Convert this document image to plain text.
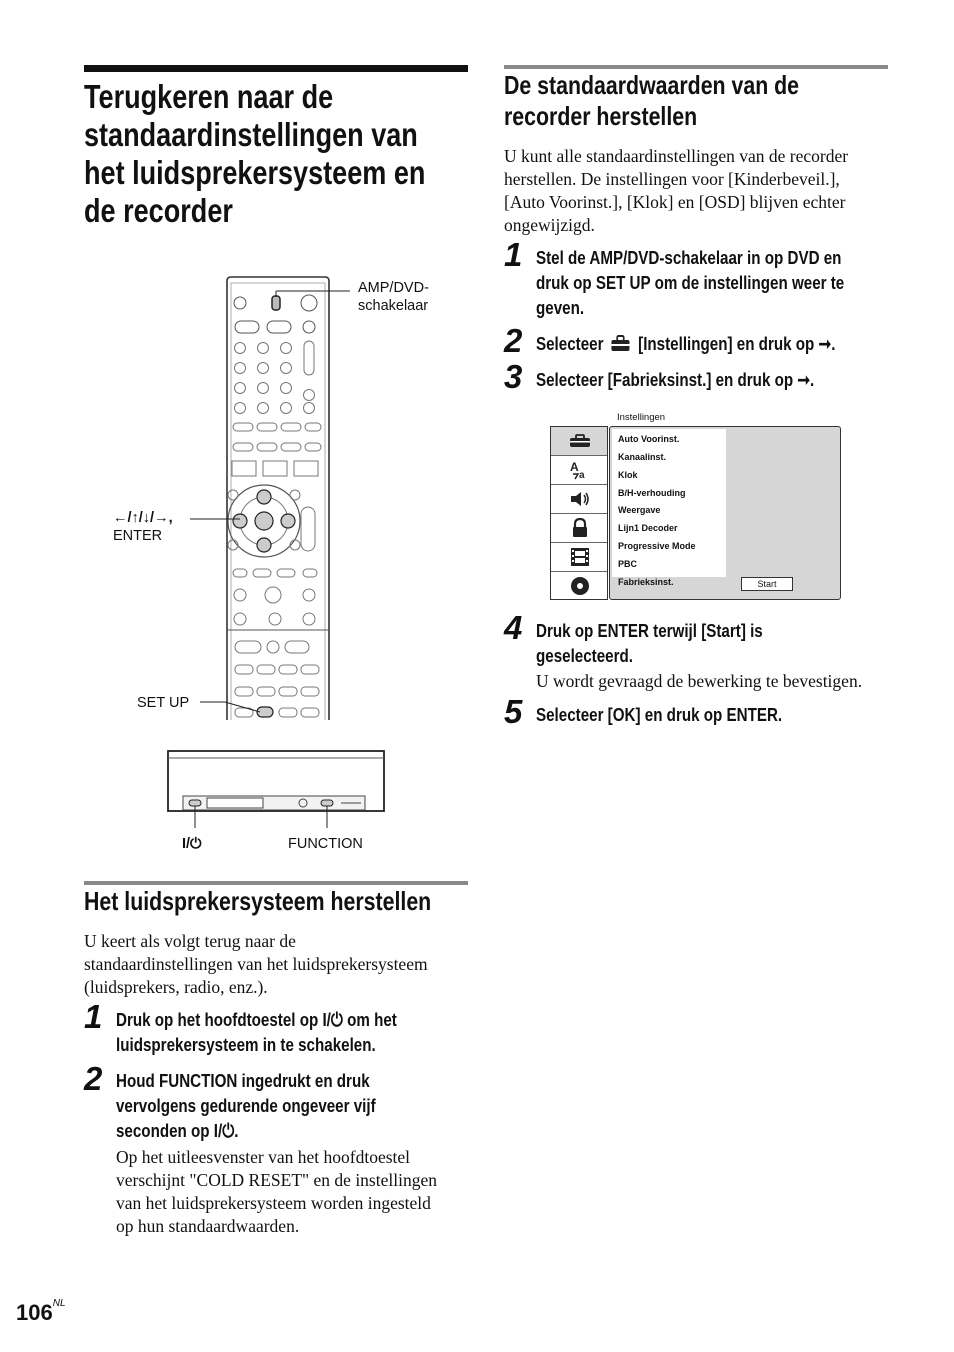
Terugkeren naar de
standaardinstellingen van
het luidsprekersysteem en
de recorder
AMP/DVD-
schakelaar
←/↑/↓/→,
ENTER
SET UP
I/⏻	FUNCTION
Het luidsprekersysteem herstellen
U keert als volgt terug naar de
standaardinstellingen van het luidsprekersysteem
(luidsprekers, radio, enz.).
1 Druk op het hoofdtoestel op I/⏻ om het
luidsprekersysteem in te schakelen.
2 Houd FUNCTION ingedrukt en druk
vervolgens gedurende ongeveer vijf
seconden op I/⏻.
Op het uitleesvenster van het hoofdtoestel
verschijnt "COLD RESET" en de instellingen
van het luidsprekersysteem worden ingesteld
op hun standaardwaarden.
$106^{NL}$
De standaardwaarden van de
recorder herstellen
U kunt alle standaardinstellingen van de recorder
herstellen. De instellingen voor [Kinderbeveil.],
[Auto Voorinst.], [Klok] en [OSD] blijven echter
ongewijzigd.
1 Stel de AMP/DVD-schakelaar in op DVD en
druk op SET UP om de instellingen weer te
geven.
2 Selecteer [Instellingen] en druk op ➞.
3 Selecteer [Fabrieksinst.] en druk op ➞.
Instellingen
A
a
Auto Voorinst.
Kanaalinst.
Klok
B/H-verhouding
Weergave
Lijn1 Decoder
Progressive Mode
PBC
Fabrieksinst.	Start
4 Druk op ENTER terwijl [Start] is
geselecteerd.
U wordt gevraagd de bewerking te bevestigen.
5 Selecteer [OK] en druk op ENTER.
